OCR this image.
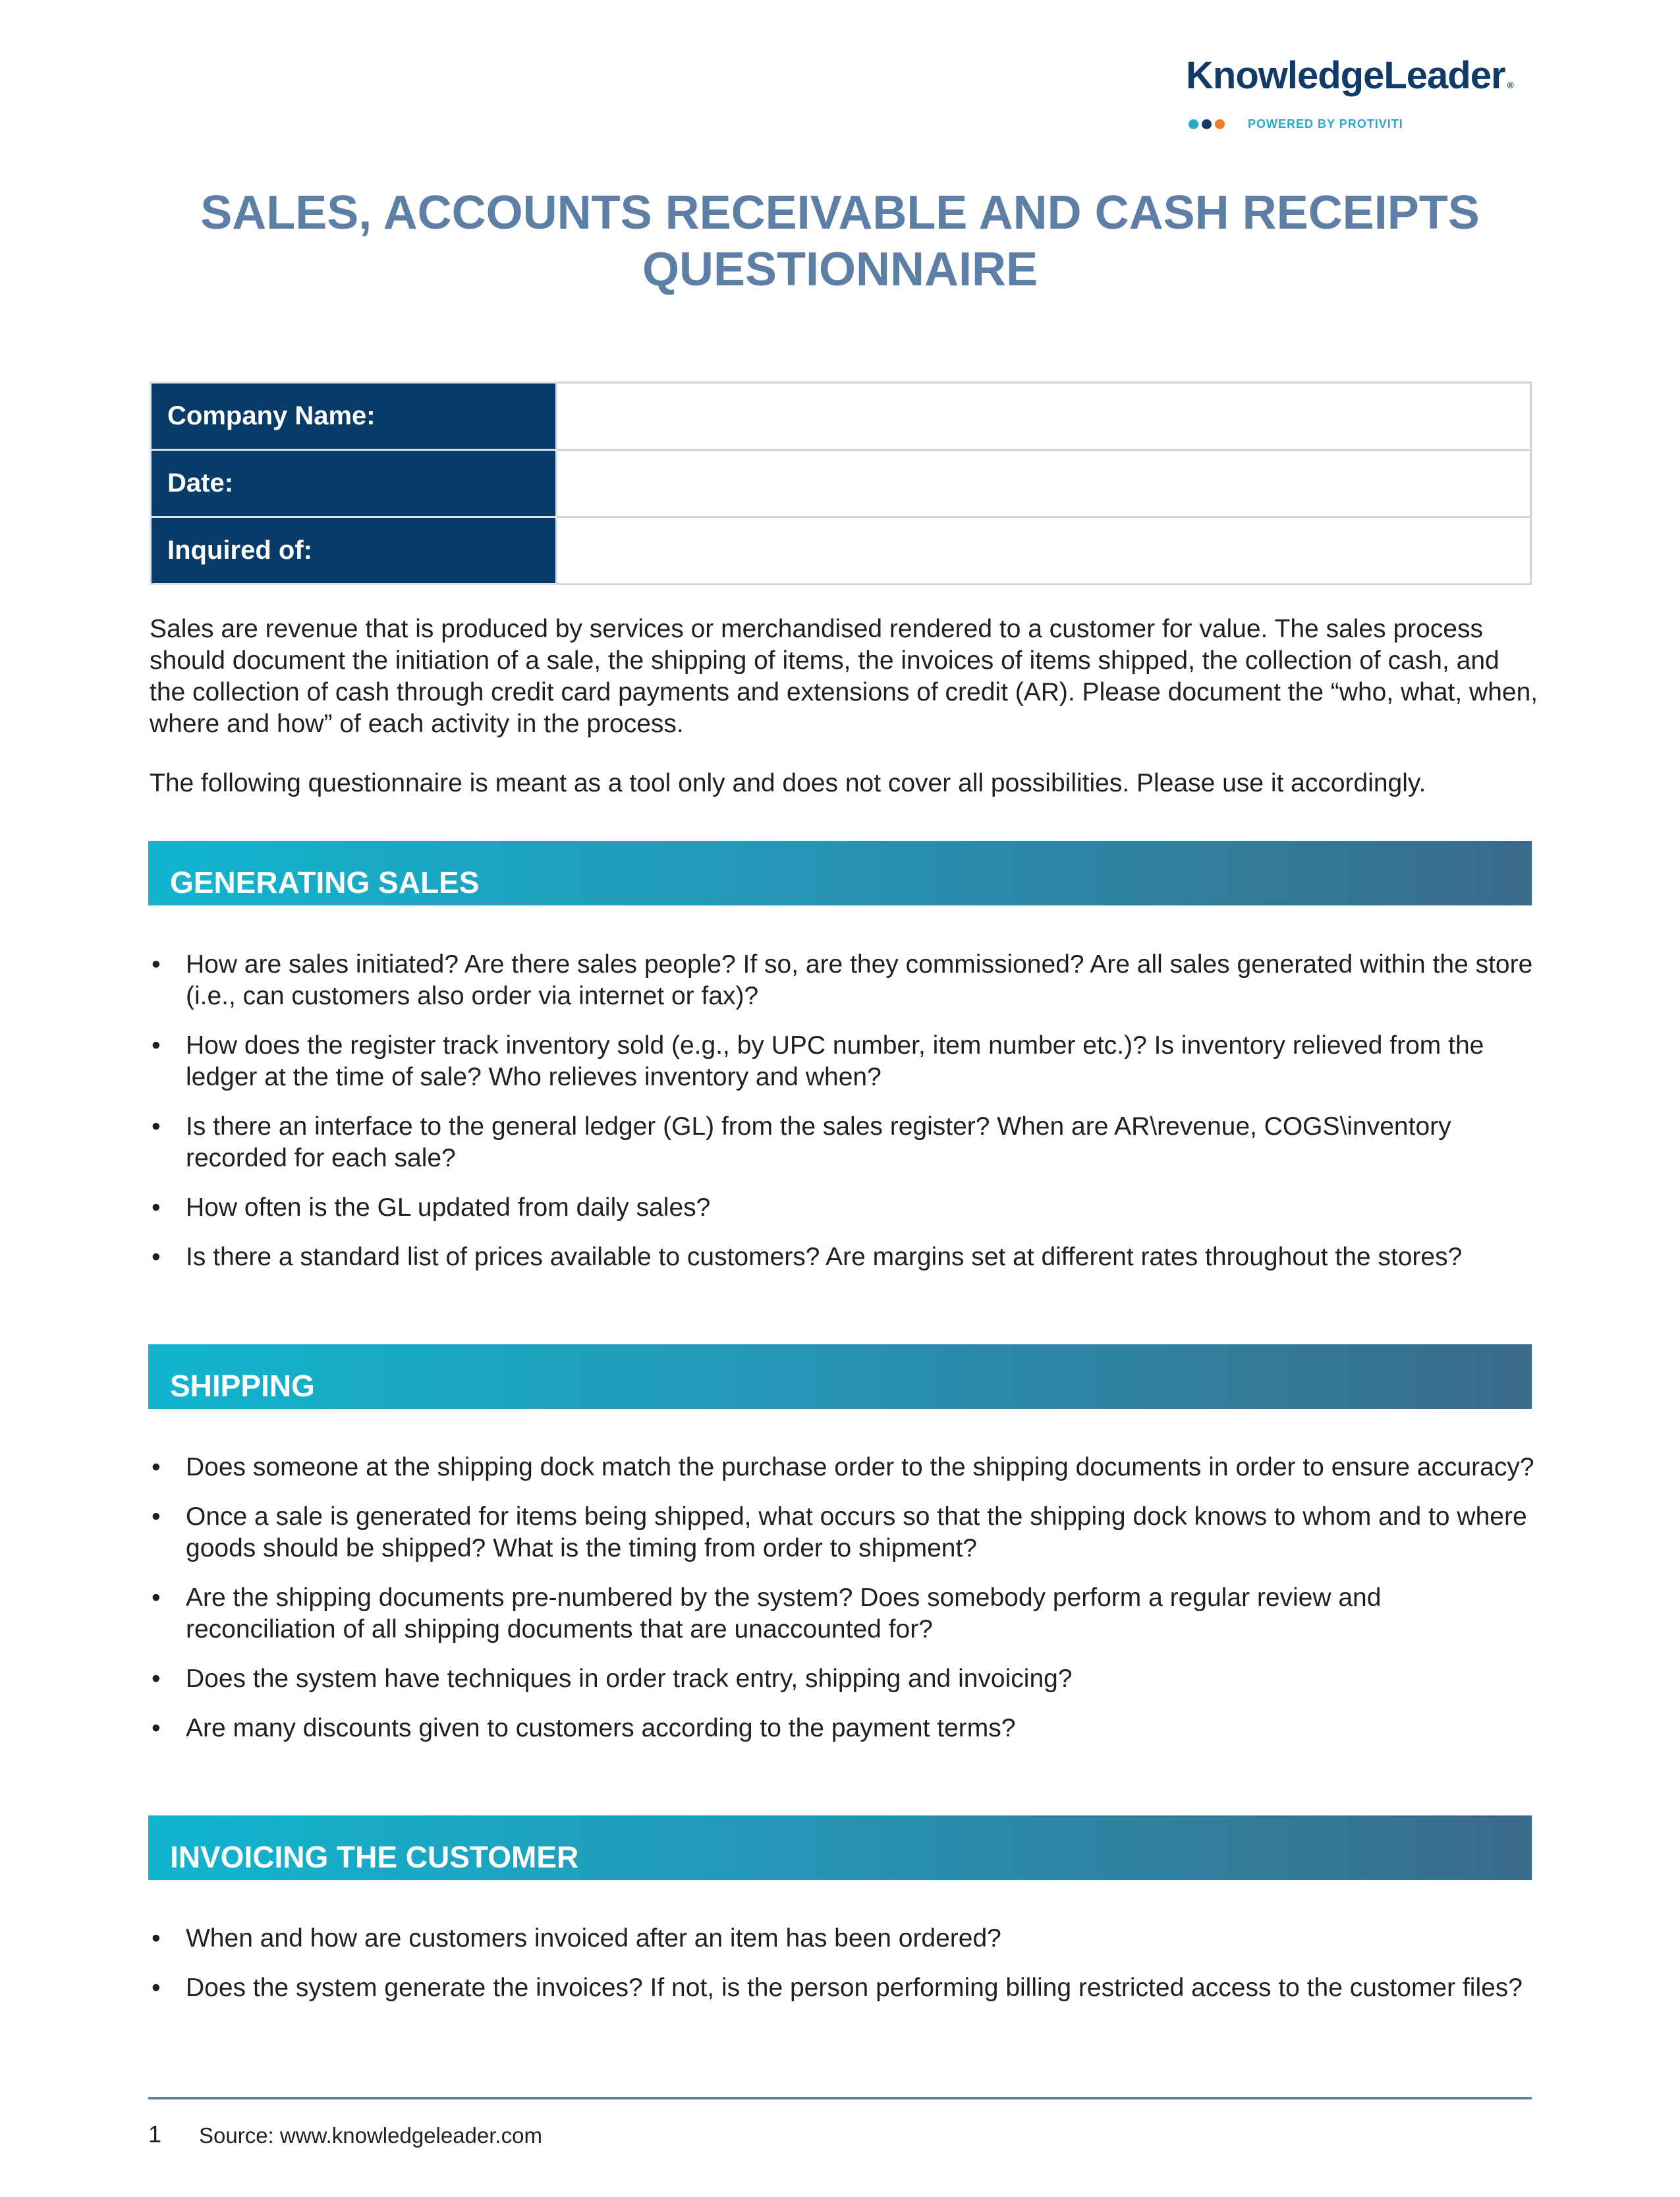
KnowledgeLeader ®
POWERED BY PROTIVITI
SALES, ACCOUNTS RECEIVABLE AND CASH RECEIPTS QUESTIONNAIRE
Company Name:	
Date:	
Inquired of:	

Sales are revenue that is produced by services or merchandised rendered to a customer for value. The sales process should document the initiation of a sale, the shipping of items, the invoices of items shipped, the collection of cash, and the collection of cash through credit card payments and extensions of credit (AR). Please document the “who, what, when, where and how” of each activity in the process.

The following questionnaire is meant as a tool only and does not cover all possibilities. Please use it accordingly.

GENERATING SALES
• How are sales initiated? Are there sales people? If so, are they commissioned? Are all sales generated within the store (i.e., can customers also order via internet or fax)?
• How does the register track inventory sold (e.g., by UPC number, item number etc.)? Is inventory relieved from the ledger at the time of sale? Who relieves inventory and when?
• Is there an interface to the general ledger (GL) from the sales register? When are AR\revenue, COGS\inventory recorded for each sale?
• How often is the GL updated from daily sales?
• Is there a standard list of prices available to customers? Are margins set at different rates throughout the stores?
SHIPPING
• Does someone at the shipping dock match the purchase order to the shipping documents in order to ensure accuracy?
• Once a sale is generated for items being shipped, what occurs so that the shipping dock knows to whom and to where goods should be shipped? What is the timing from order to shipment?
• Are the shipping documents pre-numbered by the system? Does somebody perform a regular review and reconciliation of all shipping documents that are unaccounted for?
• Does the system have techniques in order track entry, shipping and invoicing?
• Are many discounts given to customers according to the payment terms?
INVOICING THE CUSTOMER
• When and how are customers invoiced after an item has been ordered?
• Does the system generate the invoices? If not, is the person performing billing restricted access to the customer files?
1 Source: www.knowledgeleader.com
